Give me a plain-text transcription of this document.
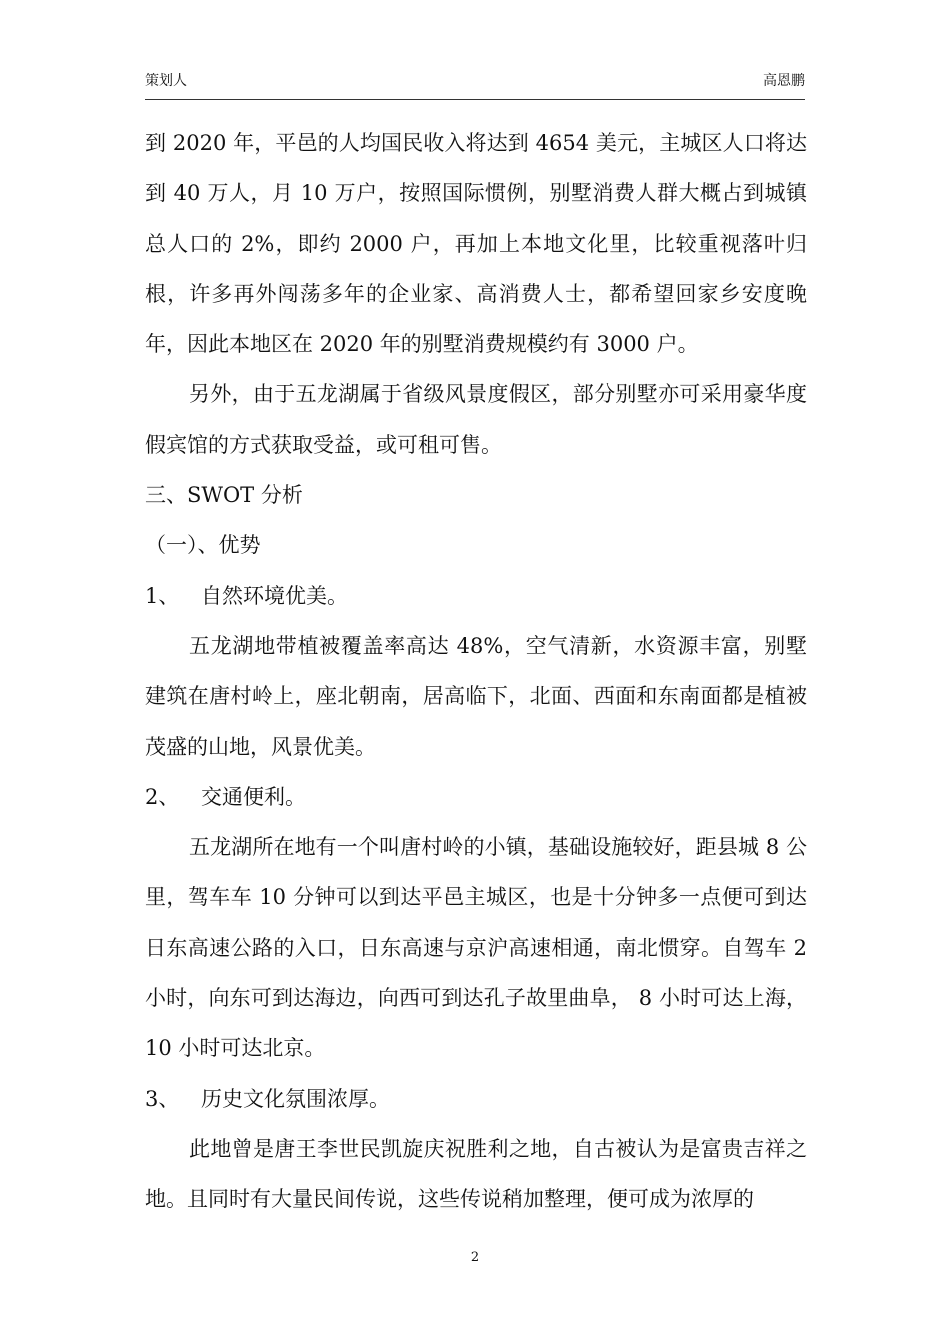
策划人	高恩鹏

到 2020 年，平邑的人均国民收入将达到 4654 美元，主城区人口将达到 40 万人，月 10 万户，按照国际惯例，别墅消费人群大概占到城镇总人口的 2%，即约 2000 户，再加上本地文化里，比较重视落叶归根，许多再外闯荡多年的企业家、高消费人士，都希望回家乡安度晚年，因此本地区在 2020 年的别墅消费规模约有 3000 户。

另外，由于五龙湖属于省级风景度假区，部分别墅亦可采用豪华度假宾馆的方式获取受益，或可租可售。

三、SWOT 分析

（一）、优势

1、 自然环境优美。

五龙湖地带植被覆盖率高达 48%，空气清新，水资源丰富，别墅建筑在唐村岭上，座北朝南，居高临下，北面、西面和东南面都是植被茂盛的山地，风景优美。

2、 交通便利。

五龙湖所在地有一个叫唐村岭的小镇，基础设施较好，距县城 8 公里，驾车车 10 分钟可以到达平邑主城区，也是十分钟多一点便可到达日东高速公路的入口，日东高速与京沪高速相通，南北惯穿。自驾车 2 小时，向东可到达海边，向西可到达孔子故里曲阜， 8 小时可达上海，10 小时可达北京。

3、 历史文化氛围浓厚。

此地曾是唐王李世民凯旋庆祝胜利之地，自古被认为是富贵吉祥之地。且同时有大量民间传说，这些传说稍加整理，便可成为浓厚的

2
